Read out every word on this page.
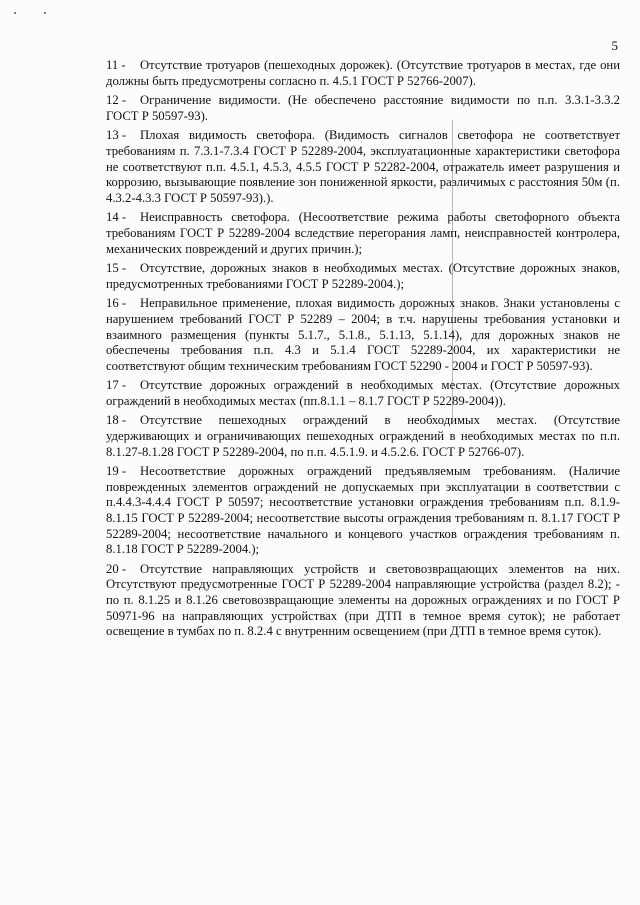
5

11 - Отсутствие тротуаров (пешеходных дорожек). (Отсутствие тротуаров в местах, где они должны быть предусмотрены согласно п. 4.5.1 ГОСТ Р 52766-2007).

12 - Ограничение видимости. (Не обеспечено расстояние видимости по п.п. 3.3.1-3.3.2 ГОСТ Р 50597-93).

13 - Плохая видимость светофора. (Видимость сигналов светофора не соответствует требованиям п. 7.3.1-7.3.4 ГОСТ Р 52289-2004, эксплуатационные характеристики светофора не соответствуют п.п. 4.5.1, 4.5.3, 4.5.5 ГОСТ Р 52282-2004, отражатель имеет разрушения и коррозию, вызывающие появление зон пониженной яркости, различимых с расстояния 50м (п. 4.3.2-4.3.3 ГОСТ Р 50597-93).).

14 - Неисправность светофора. (Несоответствие режима работы светофорного объекта требованиям ГОСТ Р 52289-2004 вследствие перегорания ламп, неисправностей контролера, механических повреждений и других причин.);

15 - Отсутствие, дорожных знаков в необходимых местах. (Отсутствие дорожных знаков, предусмотренных требованиями ГОСТ Р 52289-2004.);

16 - Неправильное применение, плохая видимость дорожных знаков. Знаки установлены с нарушением требований ГОСТ Р 52289 – 2004; в т.ч. нарушены требования установки и взаимного размещения (пункты 5.1.7., 5.1.8., 5.1.13, 5.1.14), для дорожных знаков не обеспечены требования п.п. 4.3 и 5.1.4 ГОСТ 52289-2004, их характеристики не соответствуют общим техническим требованиям ГОСТ 52290 - 2004 и ГОСТ Р 50597-93).

17 - Отсутствие дорожных ограждений в необходимых местах. (Отсутствие дорожных ограждений в необходимых местах (пп.8.1.1 – 8.1.7 ГОСТ Р 52289-2004)).

18 - Отсутствие пешеходных ограждений в необходимых местах. (Отсутствие удерживающих и ограничивающих пешеходных ограждений в необходимых местах по п.п. 8.1.27-8.1.28 ГОСТ Р 52289-2004, по п.п. 4.5.1.9. и 4.5.2.6. ГОСТ Р 52766-07).

19 - Несоответствие дорожных ограждений предъявляемым требованиям. (Наличие поврежденных элементов ограждений не допускаемых при эксплуатации в соответствии с п.4.4.3-4.4.4 ГОСТ Р 50597; несоответствие установки ограждения требованиям п.п. 8.1.9-8.1.15 ГОСТ Р 52289-2004; несоответствие высоты ограждения требованиям п. 8.1.17 ГОСТ Р 52289-2004; несоответствие начального и концевого участков ограждения требованиям п. 8.1.18 ГОСТ Р 52289-2004.);

20 - Отсутствие направляющих устройств и световозвращающих элементов на них. Отсутствуют предусмотренные ГОСТ Р 52289-2004 направляющие устройства (раздел 8.2); - по п. 8.1.25 и 8.1.26 световозвращающие элементы на дорожных ограждениях и по ГОСТ Р 50971-96 на направляющих устройствах (при ДТП в темное время суток); не работает освещение в тумбах по п. 8.2.4 с внутренним освещением (при ДТП в темное время суток).
